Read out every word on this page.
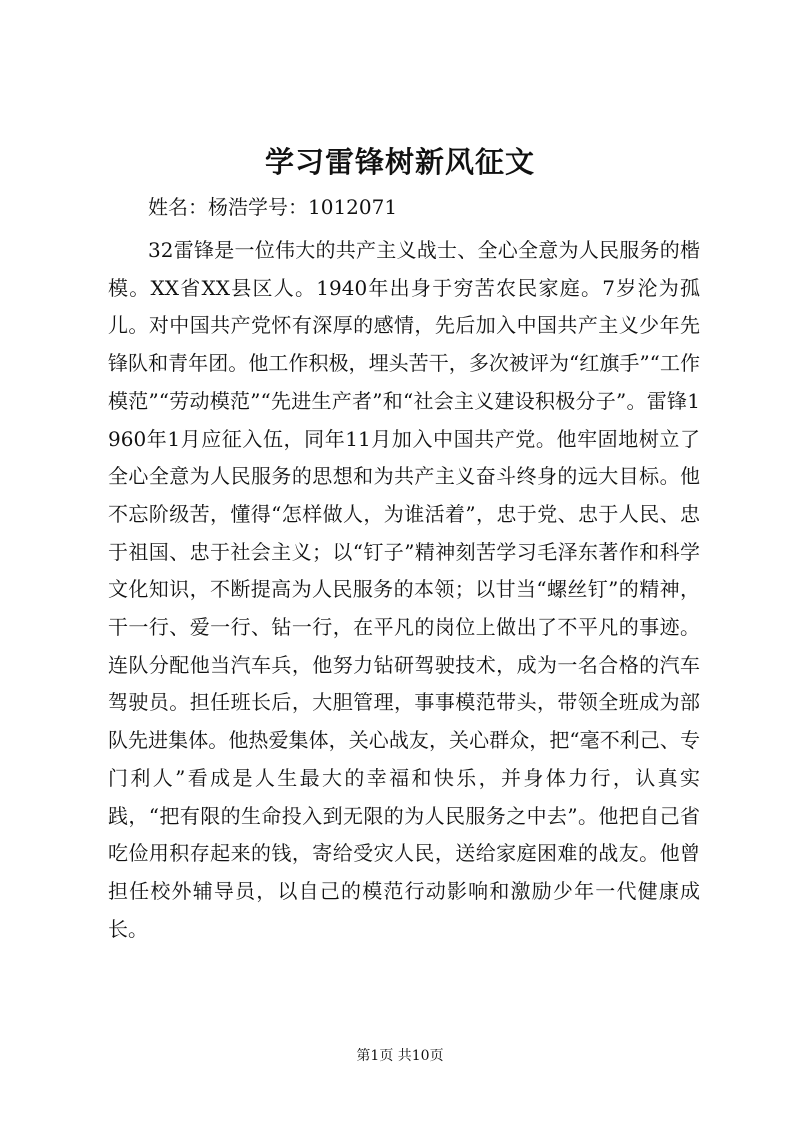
学习雷锋树新风征文
姓名：杨浩学号：1012071

32雷锋是一位伟大的共产主义战士、全心全意为人民服务的楷模。XX省XX县区人。1940年出身于穷苦农民家庭。7岁沦为孤儿。对中国共产党怀有深厚的感情，先后加入中国共产主义少年先锋队和青年团。他工作积极，埋头苦干，多次被评为“红旗手”“工作模范”“劳动模范”“先进生产者”和“社会主义建设积极分子”。雷锋1960年1月应征入伍，同年11月加入中国共产党。他牢固地树立了全心全意为人民服务的思想和为共产主义奋斗终身的远大目标。他不忘阶级苦，懂得“怎样做人，为谁活着”，忠于党、忠于人民、忠于祖国、忠于社会主义；以“钉子”精神刻苦学习毛泽东著作和科学文化知识，不断提高为人民服务的本领；以甘当“螺丝钉”的精神，干一行、爱一行、钻一行，在平凡的岗位上做出了不平凡的事迹。连队分配他当汽车兵，他努力钻研驾驶技术，成为一名合格的汽车驾驶员。担任班长后，大胆管理，事事模范带头，带领全班成为部队先进集体。他热爱集体，关心战友，关心群众，把“毫不利己、专门利人”看成是人生最大的幸福和快乐，并身体力行，认真实践，“把有限的生命投入到无限的为人民服务之中去”。他把自己省吃俭用积存起来的钱，寄给受灾人民，送给家庭困难的战友。他曾担任校外辅导员，以自己的模范行动影响和激励少年一代健康成长。

第1页 共10页
